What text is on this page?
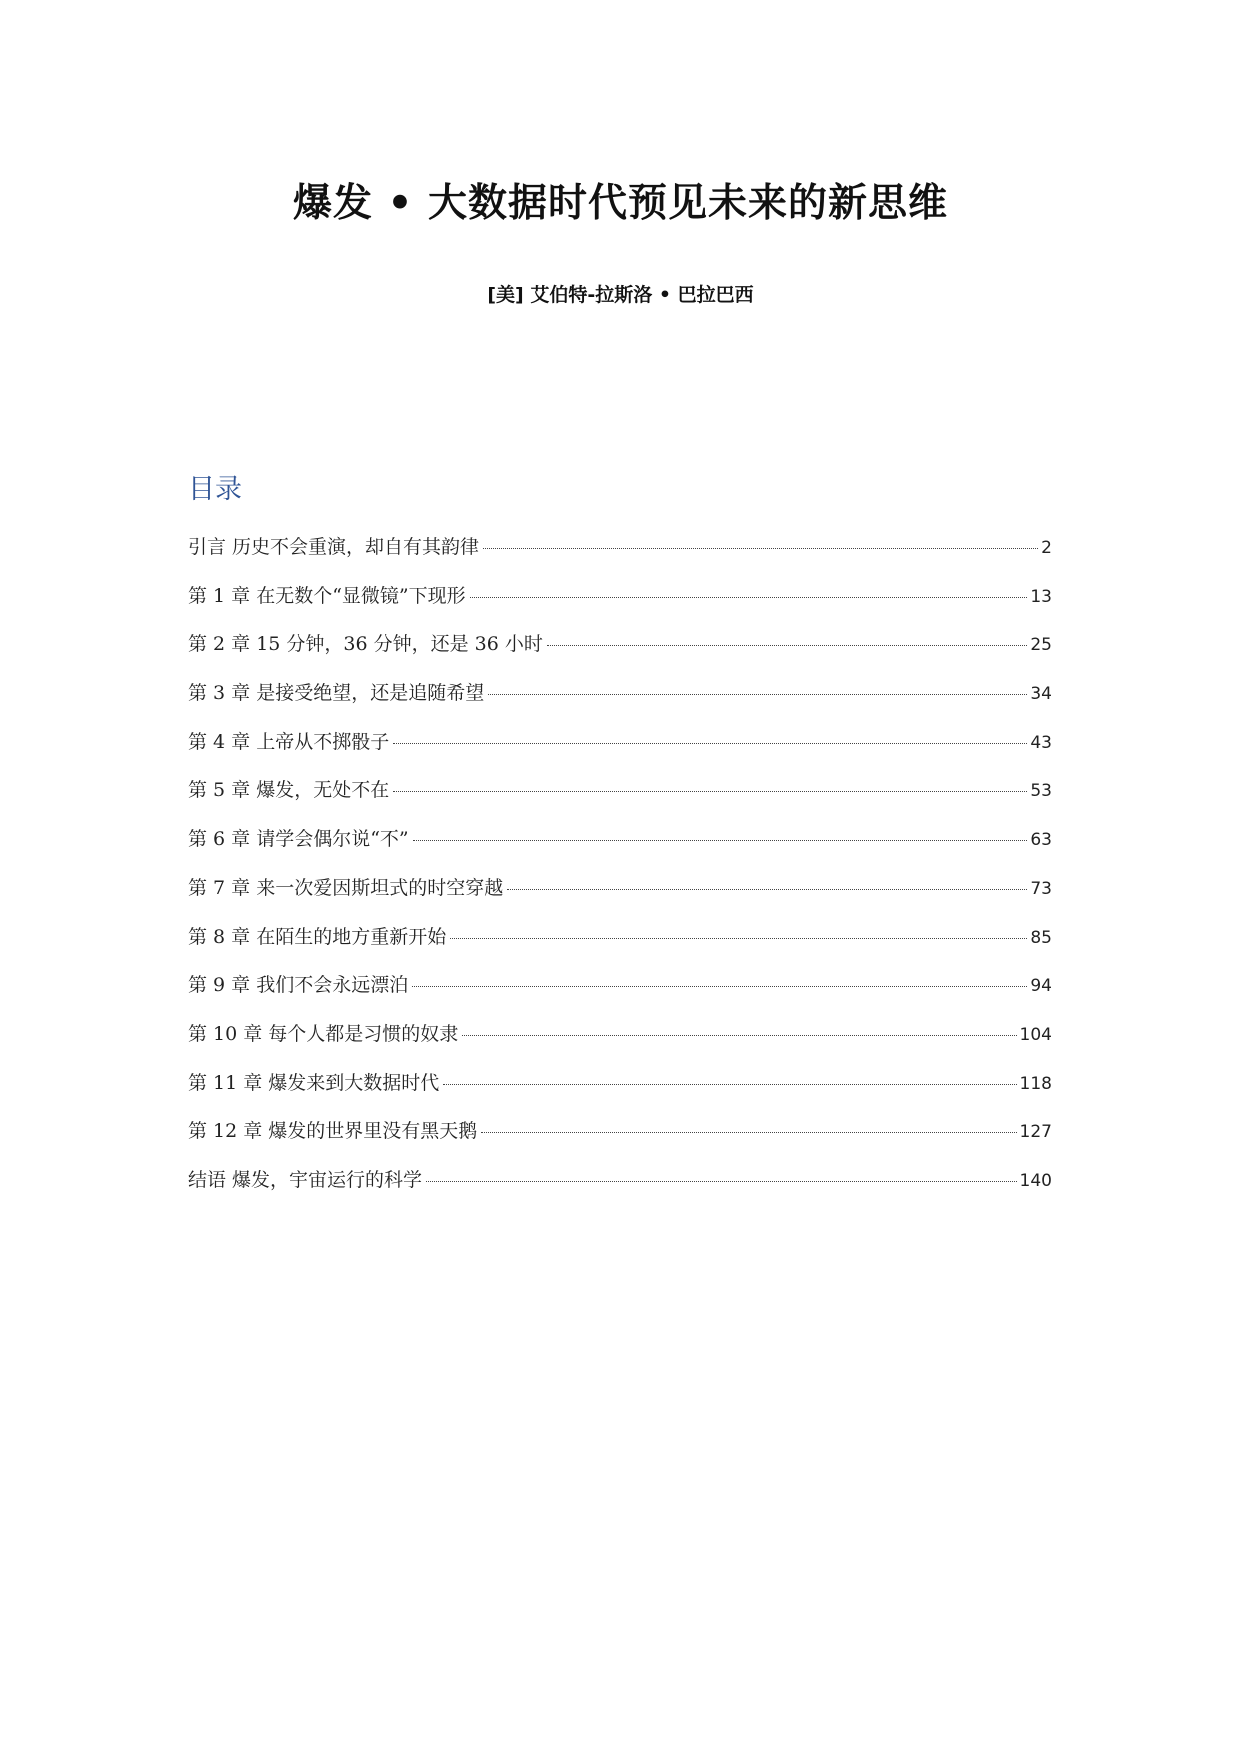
爆发 • 大数据时代预见未来的新思维
[美] 艾伯特-拉斯洛 • 巴拉巴西
目录
引言 历史不会重演，却自有其韵律	2
第 1 章 在无数个“显微镜”下现形	13
第 2 章 15 分钟，36 分钟，还是 36 小时	25
第 3 章 是接受绝望，还是追随希望	34
第 4 章 上帝从不掷骰子	43
第 5 章 爆发，无处不在	53
第 6 章 请学会偶尔说“不”	63
第 7 章 来一次爱因斯坦式的时空穿越	73
第 8 章 在陌生的地方重新开始	85
第 9 章 我们不会永远漂泊	94
第 10 章 每个人都是习惯的奴隶	104
第 11 章 爆发来到大数据时代	118
第 12 章 爆发的世界里没有黑天鹅	127
结语 爆发，宇宙运行的科学	140
